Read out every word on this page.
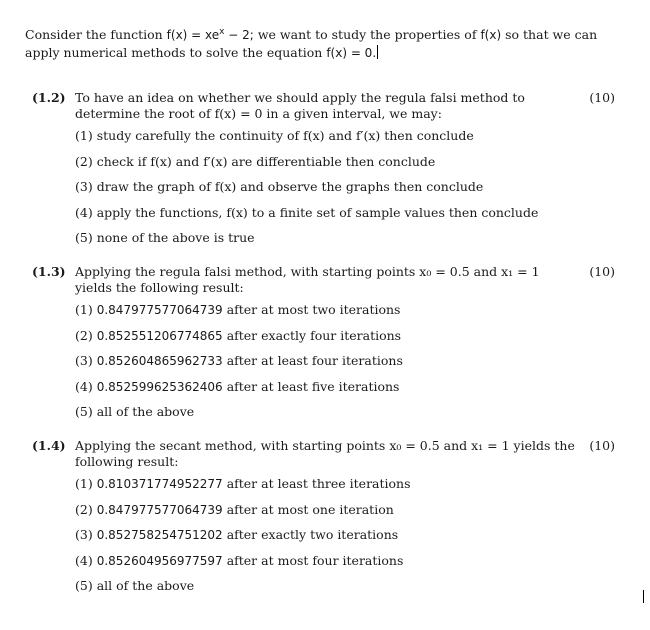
Consider the function $f(x) = xe^x - 2$; we want to study the properties of f(x) so that we can apply numerical methods to solve the equation f(x) = 0.
(1.2) To have an idea on whether we should apply the regula falsi method to determine the root of f(x) = 0 in a given interval, we may:
(10)
(1) study carefully the continuity of f(x) and f′(x) then conclude
(2) check if f(x) and f′(x) are differentiable then conclude
(3) draw the graph of f(x) and observe the graphs then conclude
(4) apply the functions, f(x) to a finite set of sample values then conclude
(5) none of the above is true
(1.3) Applying the regula falsi method, with starting points x₀ = 0.5 and x₁ = 1 yields the following result:
(10)
(1) 0.847977577064739 after at most two iterations
(2) 0.852551206774865 after exactly four iterations
(3) 0.852604865962733 after at least four iterations
(4) 0.852599625362406 after at least five iterations
(5) all of the above
(1.4) Applying the secant method, with starting points x₀ = 0.5 and x₁ = 1 yields the following result:
(10)
(1) 0.810371774952277 after at least three iterations
(2) 0.847977577064739 after at most one iteration
(3) 0.852758254751202 after exactly two iterations
(4) 0.852604956977597 after at most four iterations
(5) all of the above
